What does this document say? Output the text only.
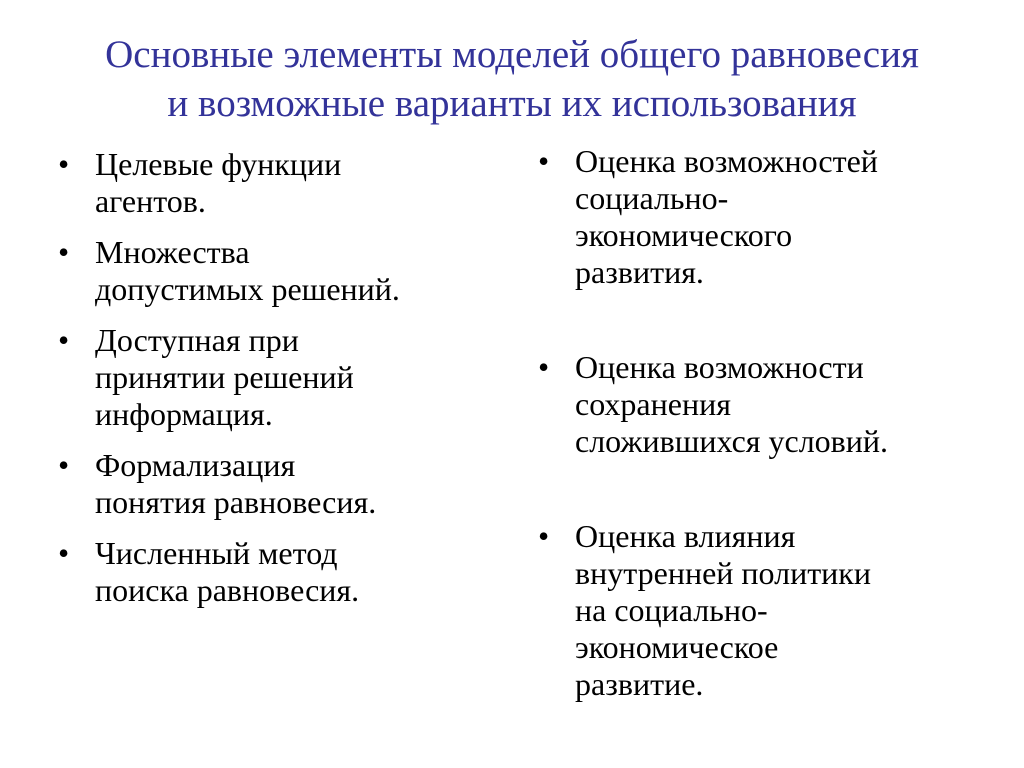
Основные элементы моделей общего равновесия
и возможные варианты их использования
• Целевые функции
агентов.
• Множества
допустимых решений.
• Доступная при
принятии решений
информация.
• Формализация
понятия равновесия.
• Численный метод
поиска равновесия.
• Оценка возможностей
социально-
экономического
развития.
• Оценка возможности
сохранения
сложившихся условий.
• Оценка влияния
внутренней политики
на социально-
экономическое
развитие.
